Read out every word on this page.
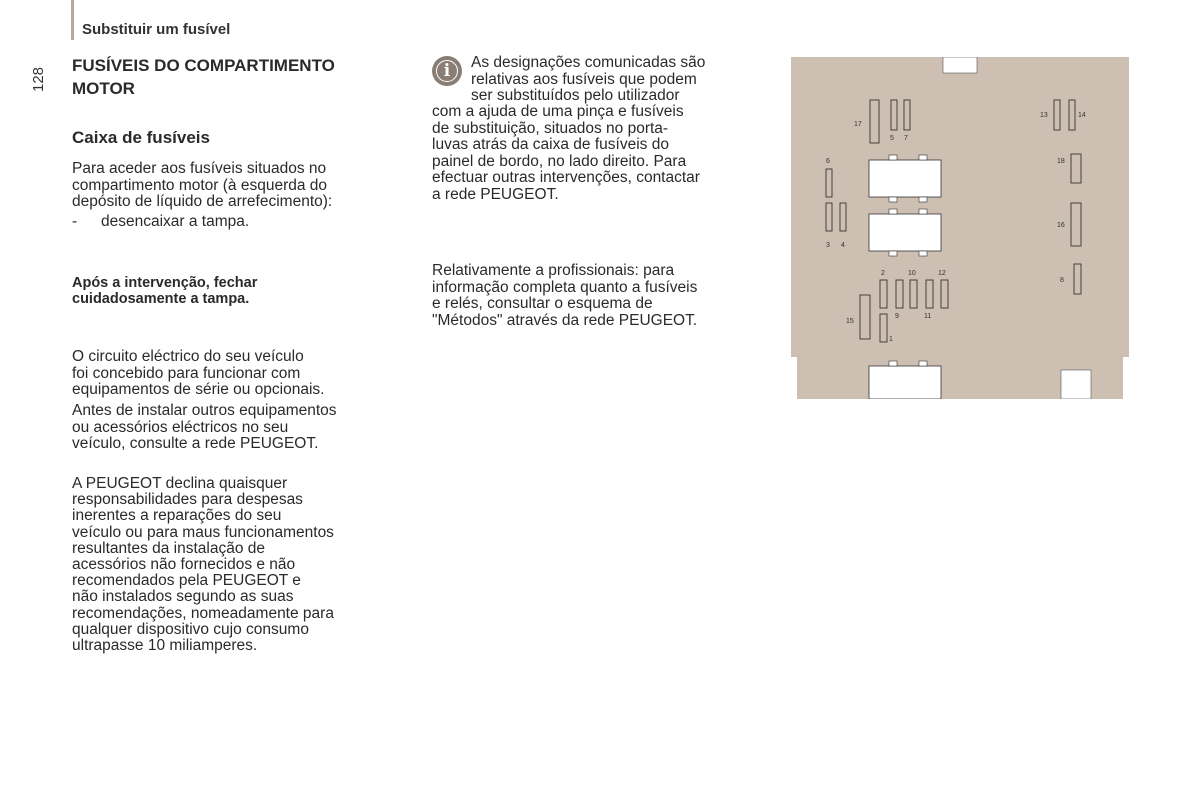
Substituir um fusível
128
FUSÍVEIS DO COMPARTIMENTO
MOTOR
Caixa de fusíveis
Para aceder aos fusíveis situados no
compartimento motor (à esquerda do
depósito de líquido de arrefecimento):
- desencaixar a tampa.
Após a intervenção, fechar
cuidadosamente a tampa.
O circuito eléctrico do seu veículo
foi concebido para funcionar com
equipamentos de série ou opcionais.
Antes de instalar outros equipamentos
ou acessórios eléctricos no seu
veículo, consulte a rede PEUGEOT.
A PEUGEOT declina quaisquer
responsabilidades para despesas
inerentes a reparações do seu
veículo ou para maus funcionamentos
resultantes da instalação de
acessórios não fornecidos e não
recomendados pela PEUGEOT e
não instalados segundo as suas
recomendações, nomeadamente para
qualquer dispositivo cujo consumo
ultrapasse 10 miliamperes.
i	As designações comunicadas são
relativas aos fusíveis que podem
ser substituídos pelo utilizador
com a ajuda de uma pinça e fusíveis
de substituição, situados no porta-
luvas atrás da caixa de fusíveis do
painel de bordo, no lado direito. Para
efectuar outras intervenções, contactar
a rede PEUGEOT.
Relativamente a profissionais: para
informação completa quanto a fusíveis
e relés, consultar o esquema de
"Métodos" através da rede PEUGEOT.
17
5 7
6
3 4
13	14
18
16
8
2	10	12
9	11
15
1
